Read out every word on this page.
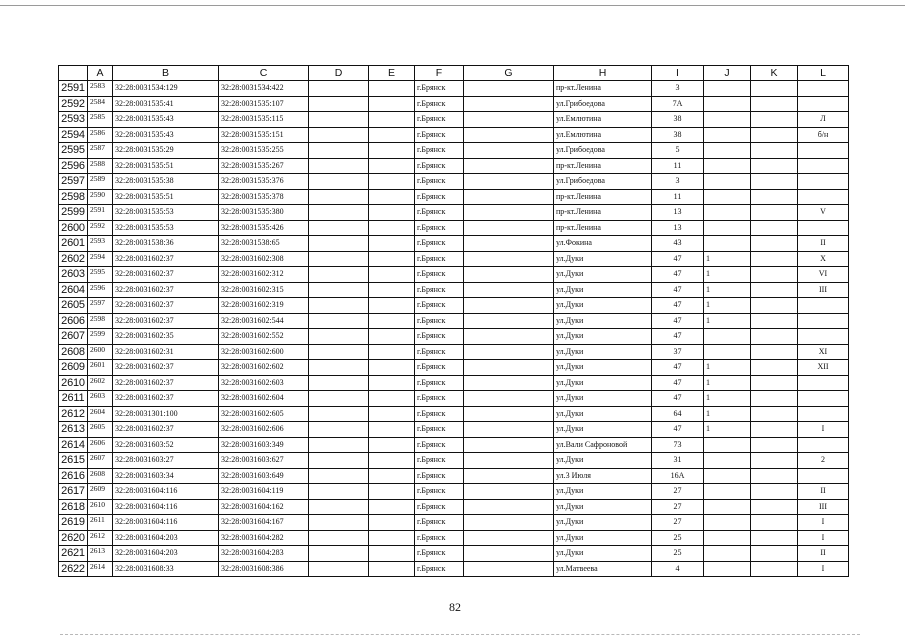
	A	B	C	D	E	F	G	H	I	J	K	L
2591	2583	32:28:0031534:129	32:28:0031534:422			г.Брянск		пр-кт.Ленина	3			
2592	2584	32:28:0031535:41	32:28:0031535:107			г.Брянск		ул.Грибоедова	7А			
2593	2585	32:28:0031535:43	32:28:0031535:115			г.Брянск		ул.Емлютина	38			Л
2594	2586	32:28:0031535:43	32:28:0031535:151			г.Брянск		ул.Емлютина	38			б/н
2595	2587	32:28:0031535:29	32:28:0031535:255			г.Брянск		ул.Грибоедова	5			
2596	2588	32:28:0031535:51	32:28:0031535:267			г.Брянск		пр-кт.Ленина	11			
2597	2589	32:28:0031535:38	32:28:0031535:376			г.Брянск		ул.Грибоедова	3			
2598	2590	32:28:0031535:51	32:28:0031535:378			г.Брянск		пр-кт.Ленина	11			
2599	2591	32:28:0031535:53	32:28:0031535:380			г.Брянск		пр-кт.Ленина	13			V
2600	2592	32:28:0031535:53	32:28:0031535:426			г.Брянск		пр-кт.Ленина	13			
2601	2593	32:28:0031538:36	32:28:0031538:65			г.Брянск		ул.Фокина	43			II
2602	2594	32:28:0031602:37	32:28:0031602:308			г.Брянск		ул.Дуки	47	1		X
2603	2595	32:28:0031602:37	32:28:0031602:312			г.Брянск		ул.Дуки	47	1		VI
2604	2596	32:28:0031602:37	32:28:0031602:315			г.Брянск		ул.Дуки	47	1		III
2605	2597	32:28:0031602:37	32:28:0031602:319			г.Брянск		ул.Дуки	47	1		
2606	2598	32:28:0031602:37	32:28:0031602:544			г.Брянск		ул.Дуки	47	1		
2607	2599	32:28:0031602:35	32:28:0031602:552			г.Брянск		ул.Дуки	47			
2608	2600	32:28:0031602:31	32:28:0031602:600			г.Брянск		ул.Дуки	37			XI
2609	2601	32:28:0031602:37	32:28:0031602:602			г.Брянск		ул.Дуки	47	1		XII
2610	2602	32:28:0031602:37	32:28:0031602:603			г.Брянск		ул.Дуки	47	1		
2611	2603	32:28:0031602:37	32:28:0031602:604			г.Брянск		ул.Дуки	47	1		
2612	2604	32:28:0031301:100	32:28:0031602:605			г.Брянск		ул.Дуки	64	1		
2613	2605	32:28:0031602:37	32:28:0031602:606			г.Брянск		ул.Дуки	47	1		I
2614	2606	32:28:0031603:52	32:28:0031603:349			г.Брянск		ул.Вали Сафроновой	73			
2615	2607	32:28:0031603:27	32:28:0031603:627			г.Брянск		ул.Дуки	31			2
2616	2608	32:28:0031603:34	32:28:0031603:649			г.Брянск		ул.3 Июля	16А			
2617	2609	32:28:0031604:116	32:28:0031604:119			г.Брянск		ул.Дуки	27			II
2618	2610	32:28:0031604:116	32:28:0031604:162			г.Брянск		ул.Дуки	27			III
2619	2611	32:28:0031604:116	32:28:0031604:167			г.Брянск		ул.Дуки	27			I
2620	2612	32:28:0031604:203	32:28:0031604:282			г.Брянск		ул.Дуки	25			I
2621	2613	32:28:0031604:203	32:28:0031604:283			г.Брянск		ул.Дуки	25			II
2622	2614	32:28:0031608:33	32:28:0031608:386			г.Брянск		ул.Матвеева	4			I
82
